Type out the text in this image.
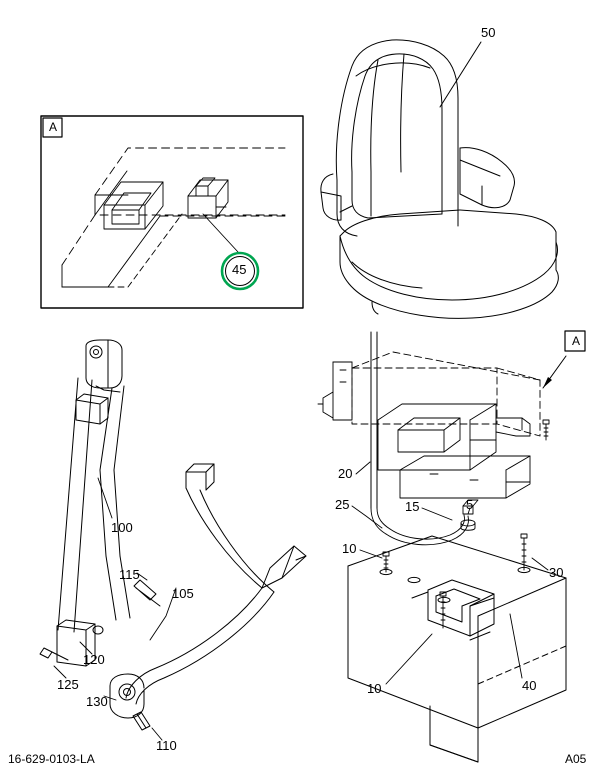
50
45
100
115
105
120
125
130
110
20
25	15	5
10
30
10	40
A
A
16-629-0103-LA	A05
